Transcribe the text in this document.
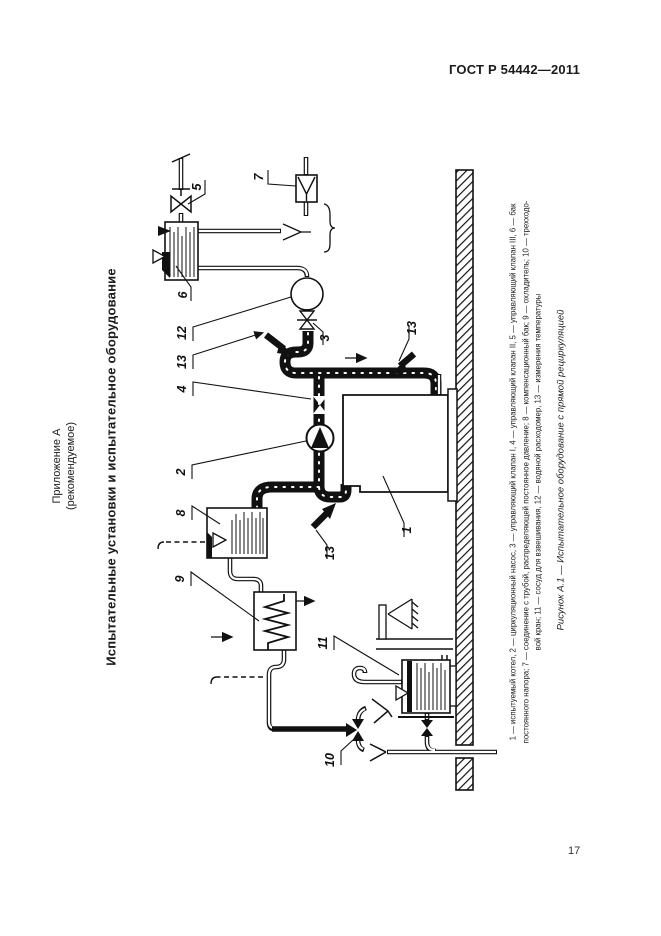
ГОСТ Р 54442—2011
Приложение А (рекомендуемое) Испытательные установки и испытательное оборудование	1 — испытуемый котел, 2 — циркуляционный насос, 3 — управляющий клапан I, 4 — управляющий клапан II, 5 — управляющий клапан III, 6 — бак постоянного напора; 7 — соединение с трубой, распределяющей постоянное давление; 8 — компенсационный бак; 9 — охладитель; 10 — трехходо- вой кран; 11 — сосуд для взвешивания, 12 — водяной расходомер, 13 — измерения температуры Рисунок А.1 — Испытательное оборудование с прямой рециркуляцией
17
5
7
6
12
13
3
4
2
8
9
13
13
11
1
10
